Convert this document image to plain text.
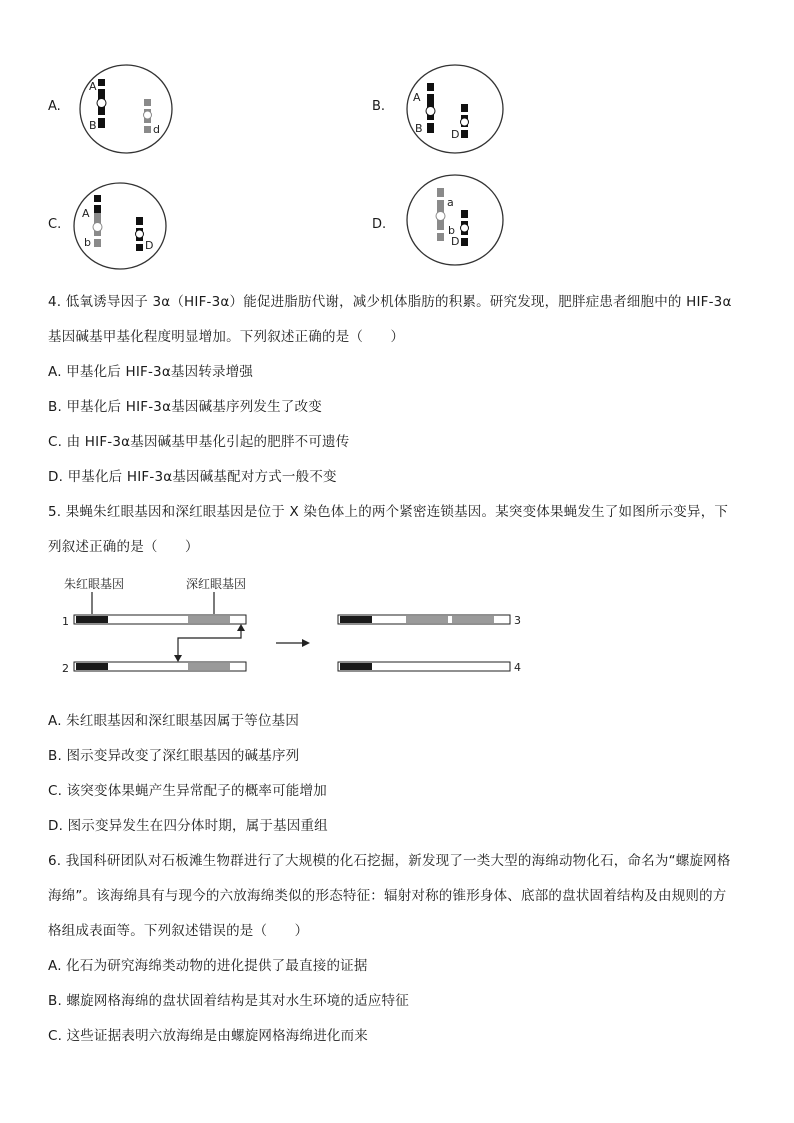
A.
A
B	d
B.
A
B	D
C.
A
b	D
D.
a
b
D
4. 低氧诱导因子 3α（HIF-3α）能促进脂肪代谢，减少机体脂肪的积累。研究发现，肥胖症患者细胞中的 HIF-3α
基因碱基甲基化程度明显增加。下列叙述正确的是（　　）
A. 甲基化后 HIF-3α基因转录增强
B. 甲基化后 HIF-3α基因碱基序列发生了改变
C. 由 HIF-3α基因碱基甲基化引起的肥胖不可遗传
D. 甲基化后 HIF-3α基因碱基配对方式一般不变
5. 果蝇朱红眼基因和深红眼基因是位于 X 染色体上的两个紧密连锁基因。某突变体果蝇发生了如图所示变异，下
列叙述正确的是（　　）
朱红眼基因	深红眼基因
1
2
3
4
A. 朱红眼基因和深红眼基因属于等位基因
B. 图示变异改变了深红眼基因的碱基序列
C. 该突变体果蝇产生异常配子的概率可能增加
D. 图示变异发生在四分体时期，属于基因重组
6. 我国科研团队对石板滩生物群进行了大规模的化石挖掘，新发现了一类大型的海绵动物化石，命名为“螺旋网格
海绵”。该海绵具有与现今的六放海绵类似的形态特征：辐射对称的锥形身体、底部的盘状固着结构及由规则的方
格组成表面等。下列叙述错误的是（　　）
A. 化石为研究海绵类动物的进化提供了最直接的证据
B. 螺旋网格海绵的盘状固着结构是其对水生环境的适应特征
C. 这些证据表明六放海绵是由螺旋网格海绵进化而来
